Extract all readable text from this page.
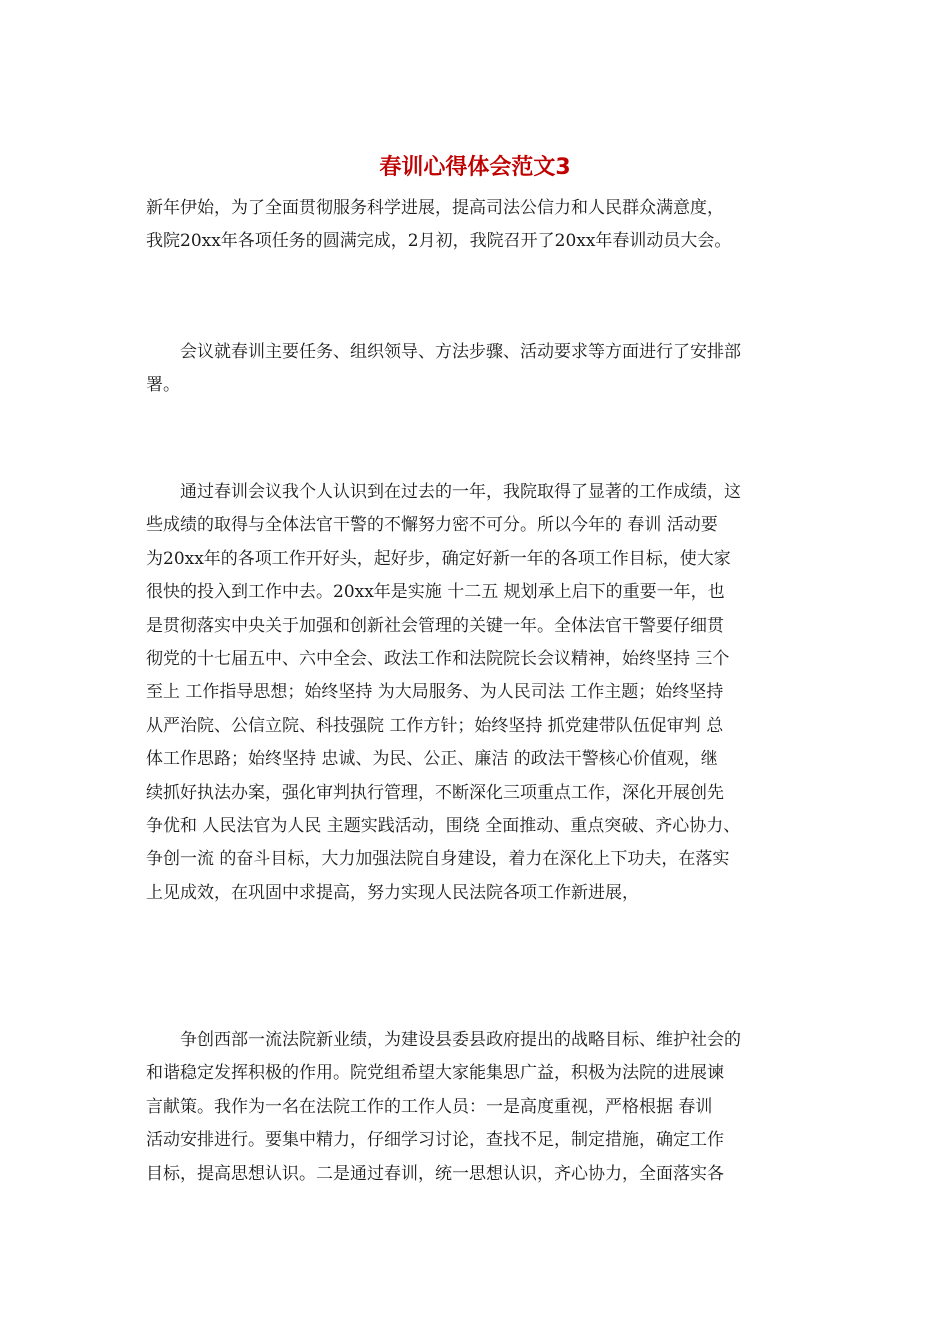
春训心得体会范文3

新年伊始，为了全面贯彻服务科学进展，提高司法公信力和人民群众满意度，
我院20xx年各项任务的圆满完成，2月初，我院召开了20xx年春训动员大会。

　　会议就春训主要任务、组织领导、方法步骤、活动要求等方面进行了安排部
署。

　　通过春训会议我个人认识到在过去的一年，我院取得了显著的工作成绩，这
些成绩的取得与全体法官干警的不懈努力密不可分。所以今年的 春训 活动要
为20xx年的各项工作开好头，起好步，确定好新一年的各项工作目标，使大家
很快的投入到工作中去。20xx年是实施 十二五 规划承上启下的重要一年，也
是贯彻落实中央关于加强和创新社会管理的关键一年。全体法官干警要仔细贯
彻党的十七届五中、六中全会、政法工作和法院院长会议精神，始终坚持 三个
至上 工作指导思想；始终坚持 为大局服务、为人民司法 工作主题；始终坚持
从严治院、公信立院、科技强院 工作方针；始终坚持 抓党建带队伍促审判 总
体工作思路；始终坚持 忠诚、为民、公正、廉洁 的政法干警核心价值观，继
续抓好执法办案，强化审判执行管理，不断深化三项重点工作，深化开展创先
争优和 人民法官为人民 主题实践活动，围绕 全面推动、重点突破、齐心协力、
争创一流 的奋斗目标，大力加强法院自身建设，着力在深化上下功夫，在落实
上见成效，在巩固中求提高，努力实现人民法院各项工作新进展，

　　争创西部一流法院新业绩，为建设县委县政府提出的战略目标、维护社会的
和谐稳定发挥积极的作用。院党组希望大家能集思广益，积极为法院的进展谏
言献策。我作为一名在法院工作的工作人员：一是高度重视，严格根据 春训
活动安排进行。要集中精力，仔细学习讨论，查找不足，制定措施，确定工作
目标，提高思想认识。二是通过春训，统一思想认识，齐心协力，全面落实各
